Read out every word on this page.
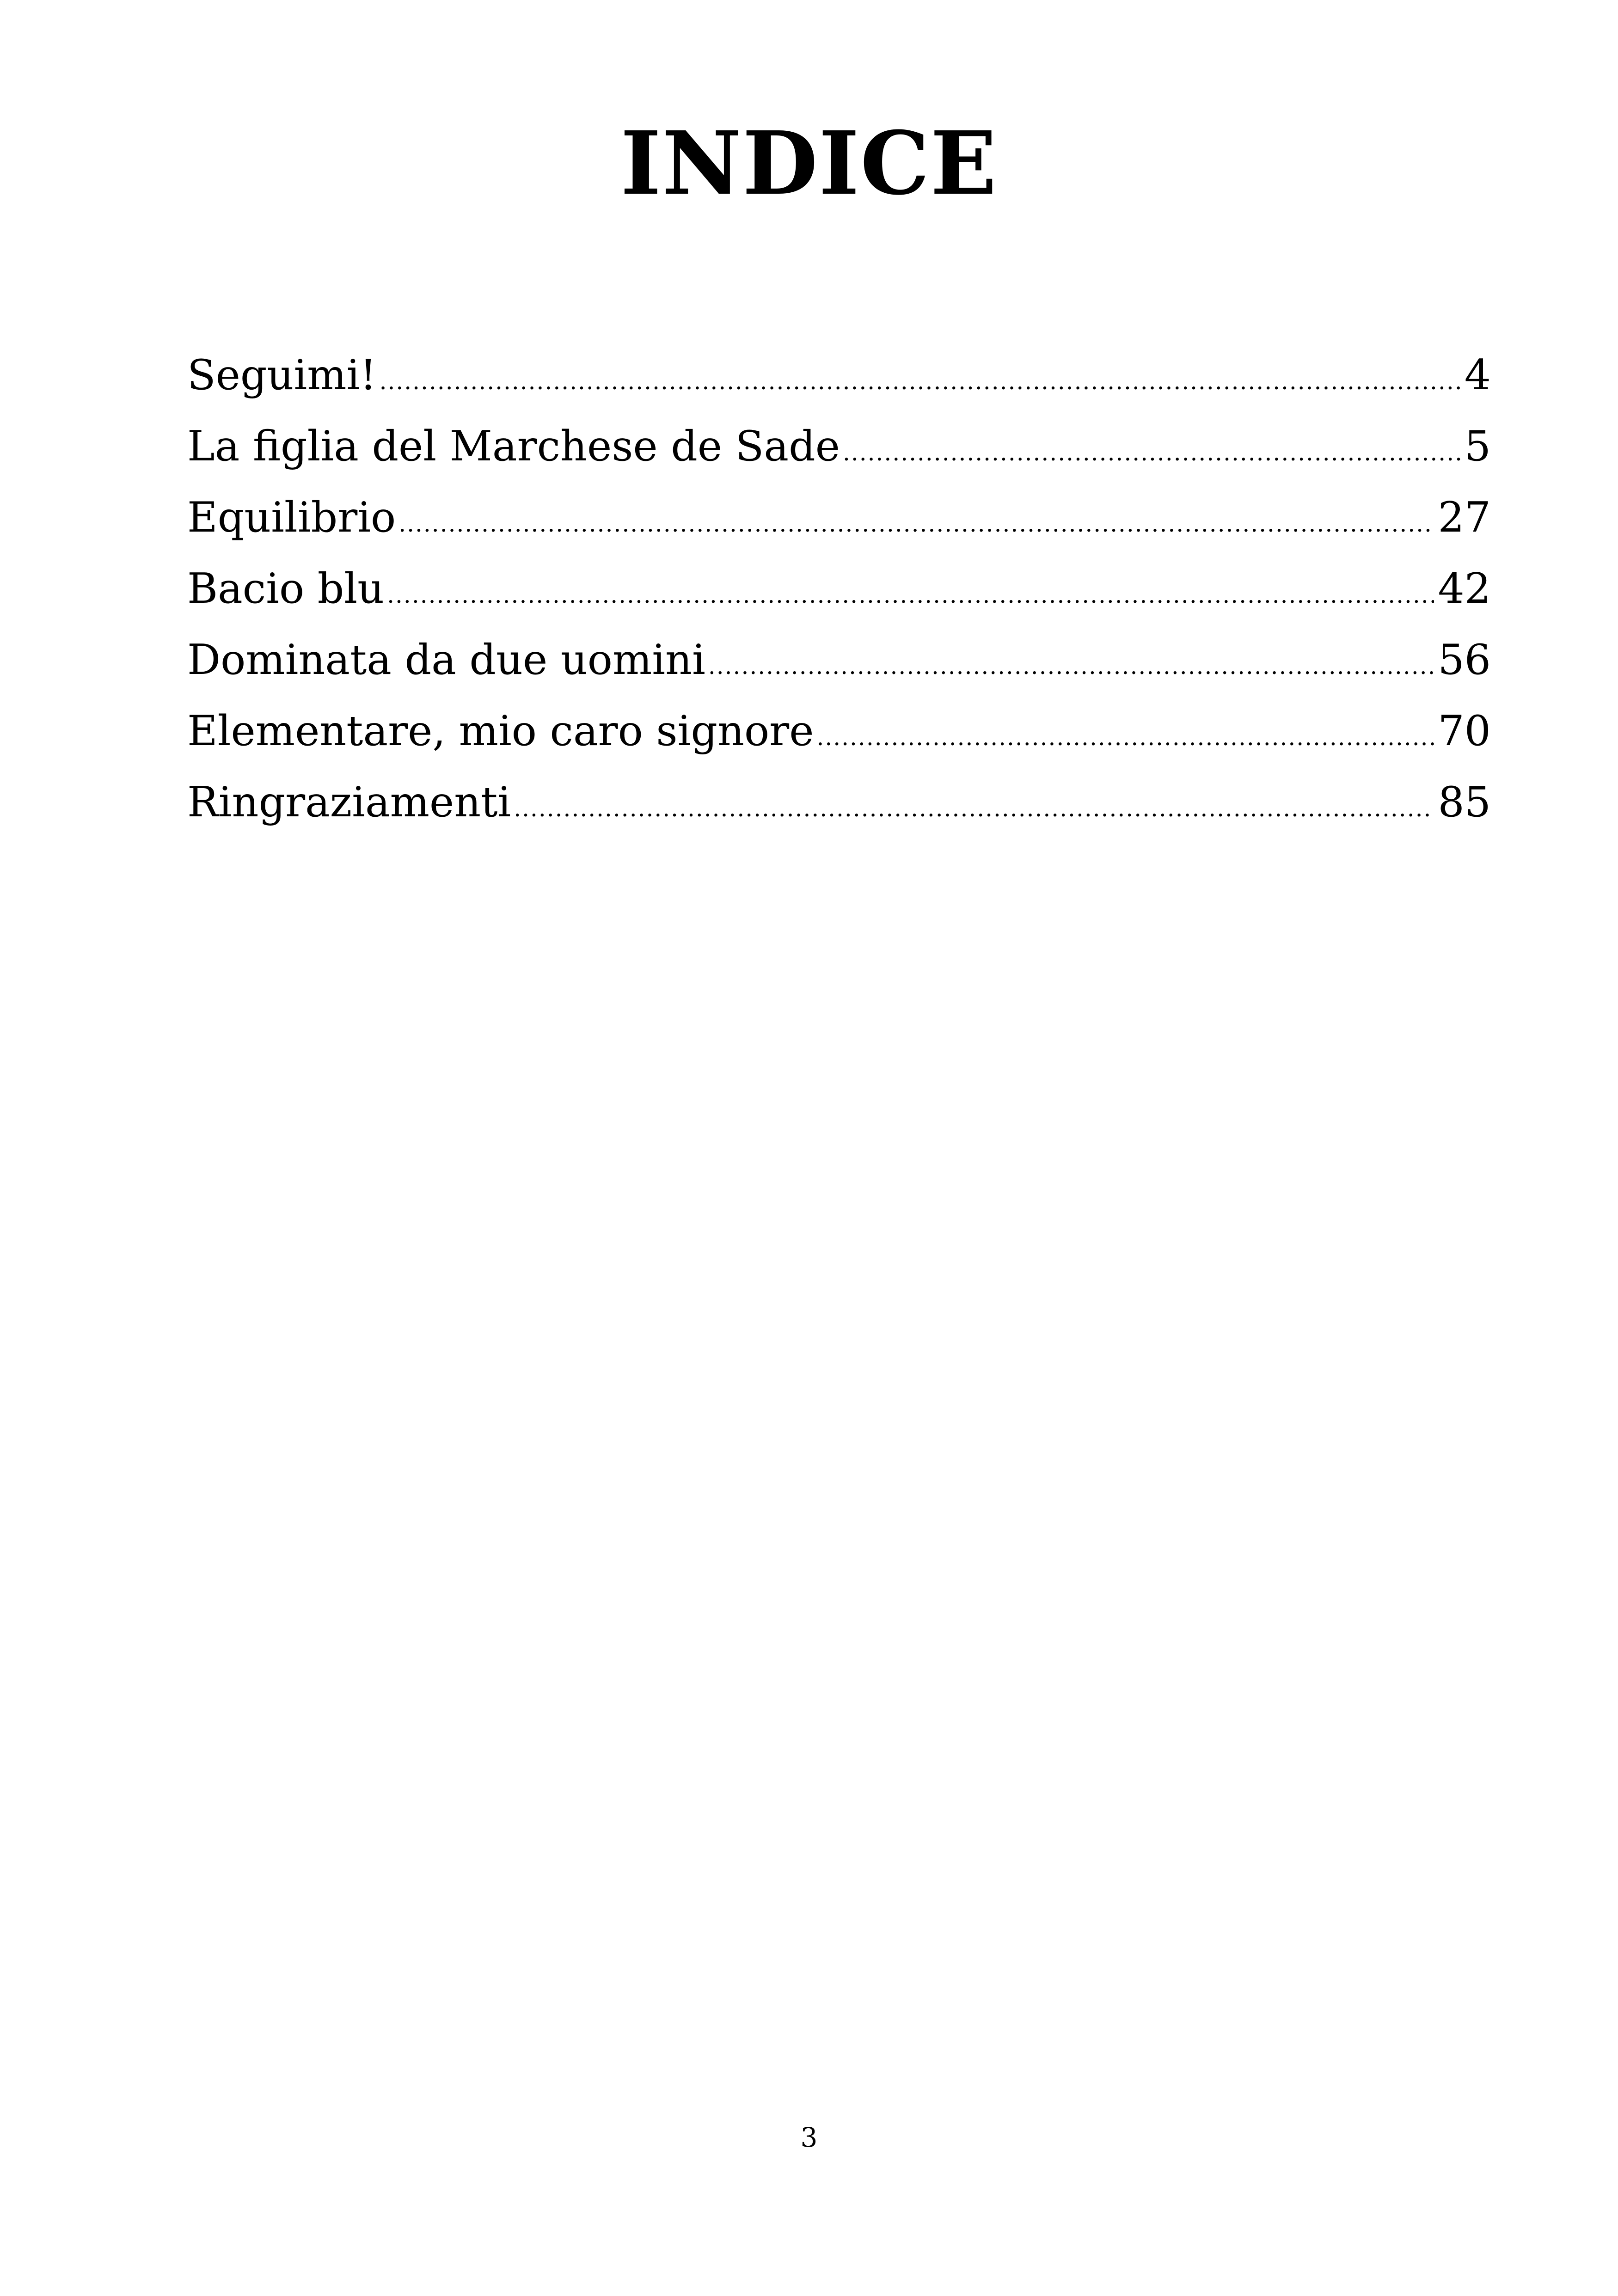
INDICE
Seguimi! .....	4
La figlia del Marchese de Sade .....	5
Equilibrio .....	27
Bacio blu .....	42
Dominata da due uomini .....	56
Elementare, mio caro signore .....	70
Ringraziamenti .....	85
3
